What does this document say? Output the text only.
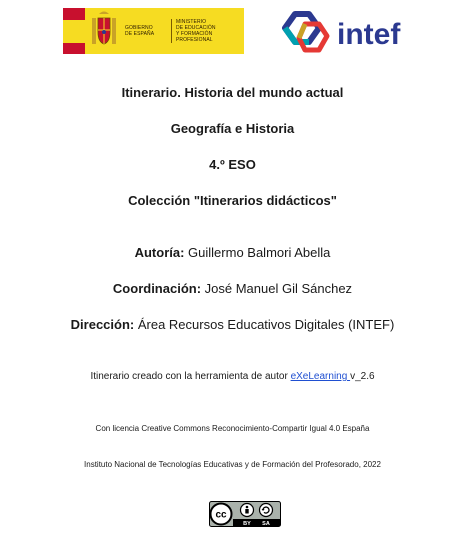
GOBIERNO
DE ESPAÑA
MINISTERIO
DE EDUCACIÓN
Y FORMACIÓN PROFESIONAL	intef
Itinerario. Historia del mundo actual
Geografía e Historia
4.º ESO
Colección "Itinerarios didácticos"
Autoría: Guillermo Balmori Abella
Coordinación: José Manuel Gil Sánchez
Dirección: Área Recursos Educativos Digitales (INTEF)
Itinerario creado con la herramienta de autor eXeLearning v_2.6
Con licencia Creative Commons Reconocimiento-Compartir Igual 4.0 España
Instituto Nacional de Tecnologías Educativas y de Formación del Profesorado, 2022
cc
BY SA
